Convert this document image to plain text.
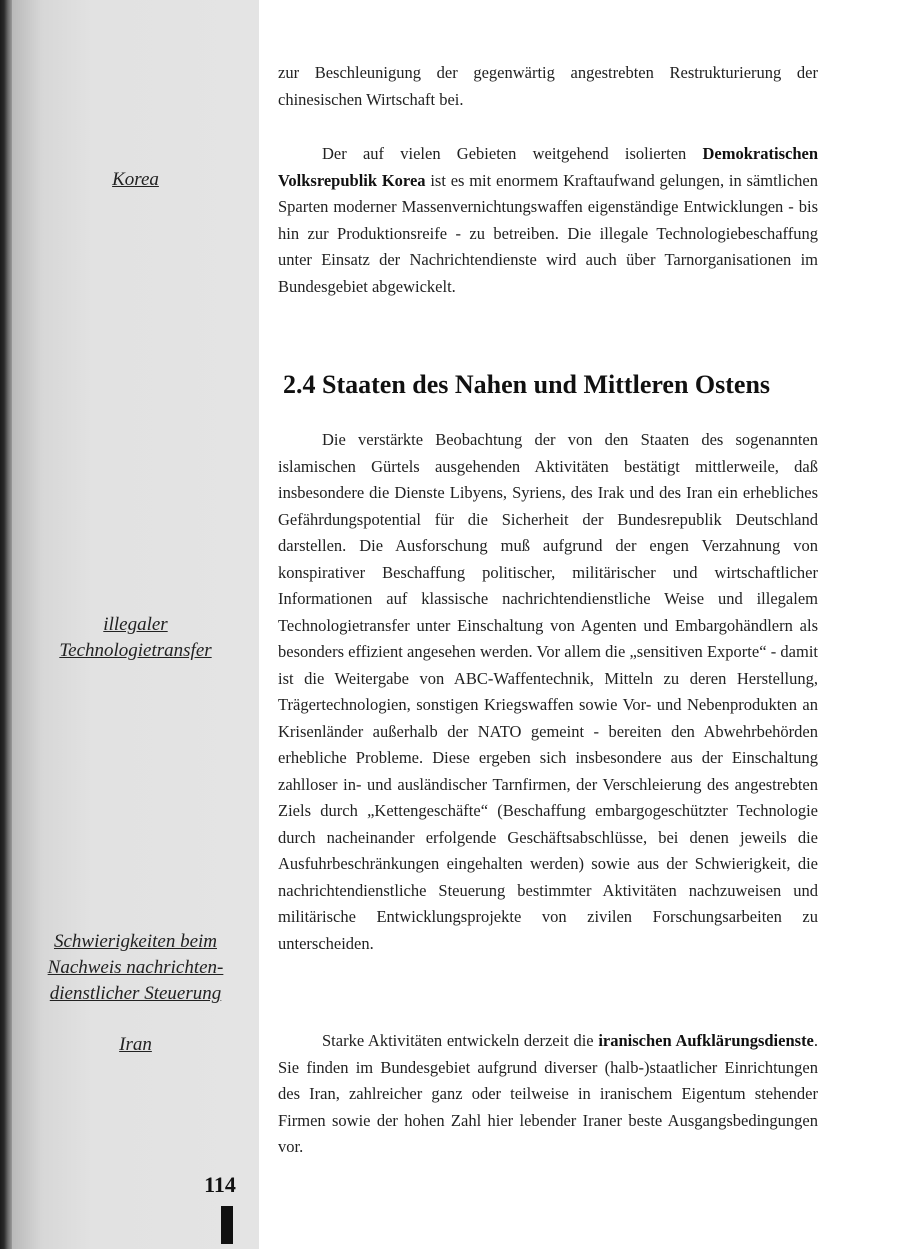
Korea
illegaler
Technologietransfer
Schwierigkeiten beim
Nachweis nachrichten-
dienstlicher Steuerung
Iran
114
zur Beschleunigung der gegenwärtig angestrebten Restrukturierung der chinesischen Wirtschaft bei.
Der auf vielen Gebieten weitgehend isolierten Demokratischen Volksrepublik Korea ist es mit enormem Kraftaufwand gelungen, in sämtlichen Sparten moderner Massenvernichtungswaffen eigenständige Entwicklungen - bis hin zur Produktionsreife - zu betreiben. Die illegale Technologiebeschaffung unter Einsatz der Nachrichtendienste wird auch über Tarnorganisationen im Bundesgebiet abgewickelt.
2.4 Staaten des Nahen und Mittleren Ostens
Die verstärkte Beobachtung der von den Staaten des sogenannten islamischen Gürtels ausgehenden Aktivitäten bestätigt mittlerweile, daß insbesondere die Dienste Libyens, Syriens, des Irak und des Iran ein erhebliches Gefährdungspotential für die Sicherheit der Bundesrepublik Deutschland darstellen. Die Ausforschung muß aufgrund der engen Verzahnung von konspirativer Beschaffung politischer, militärischer und wirtschaftlicher Informationen auf klassische nachrichtendienstliche Weise und illegalem Technologietransfer unter Einschaltung von Agenten und Embargohändlern als besonders effizient angesehen werden. Vor allem die „sensitiven Exporte“ - damit ist die Weitergabe von ABC-Waffentechnik, Mitteln zu deren Herstellung, Trägertechnologien, sonstigen Kriegswaffen sowie Vor- und Nebenprodukten an Krisenländer außerhalb der NATO gemeint - bereiten den Abwehrbehörden erhebliche Probleme. Diese ergeben sich insbesondere aus der Einschaltung zahlloser in- und ausländischer Tarnfirmen, der Verschleierung des angestrebten Ziels durch „Kettengeschäfte“ (Beschaffung embargogeschützter Technologie durch nacheinander erfolgende Geschäftsabschlüsse, bei denen jeweils die Ausfuhrbeschränkungen eingehalten werden) sowie aus der Schwierigkeit, die nachrichtendienstliche Steuerung bestimmter Aktivitäten nachzuweisen und militärische Entwicklungsprojekte von zivilen Forschungsarbeiten zu unterscheiden.
Starke Aktivitäten entwickeln derzeit die iranischen Aufklärungsdienste. Sie finden im Bundesgebiet aufgrund diverser (halb-)staatlicher Einrichtungen des Iran, zahlreicher ganz oder teilweise in iranischem Eigentum stehender Firmen sowie der hohen Zahl hier lebender Iraner beste Ausgangsbedingungen vor.
